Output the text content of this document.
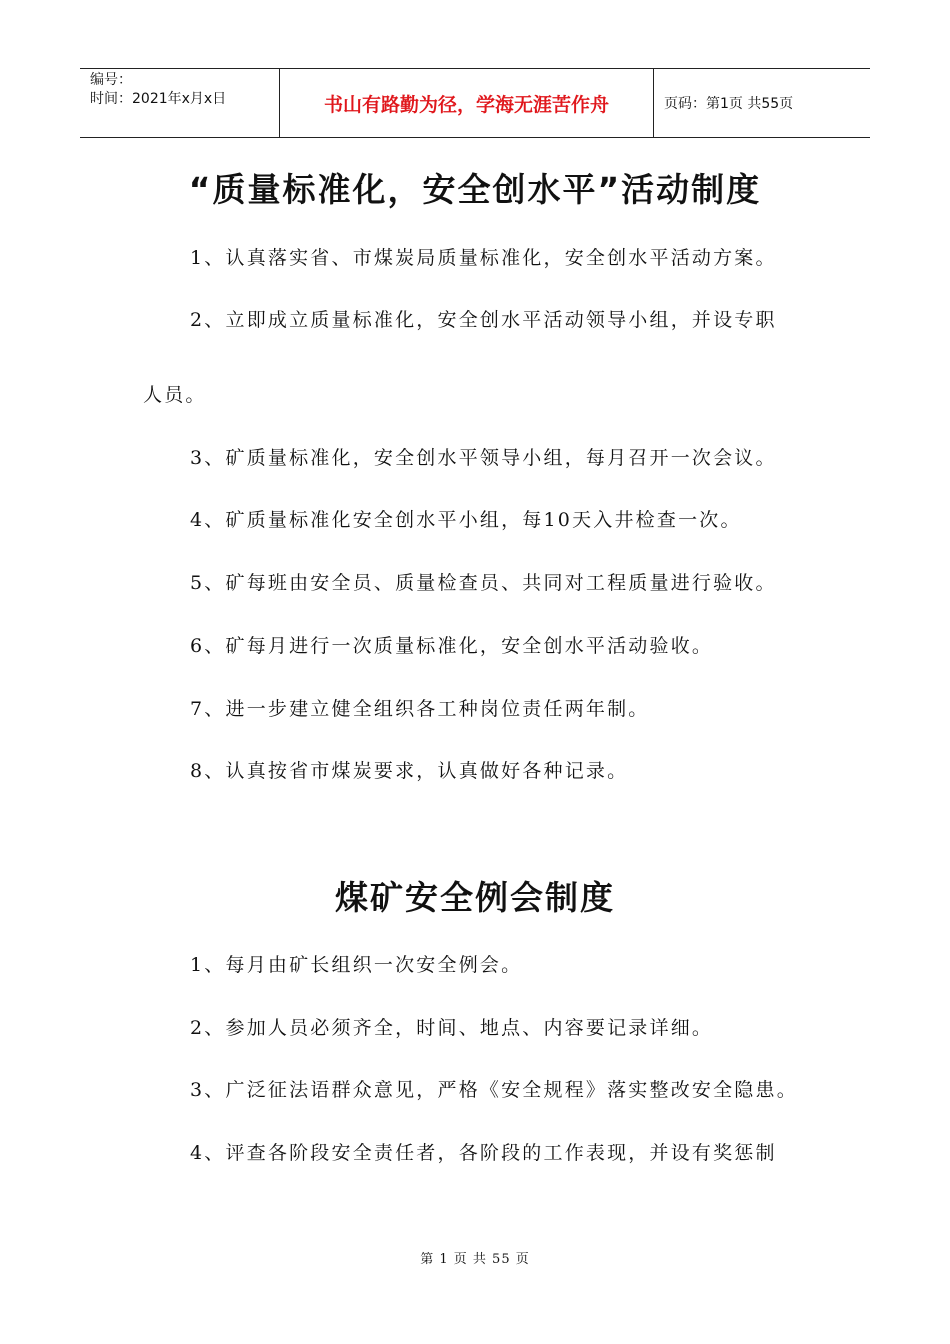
编号：
时间：2021年x月x日	书山有路勤为径，学海无涯苦作舟	页码：第1页 共55页
“质量标准化，安全创水平”活动制度
1、认真落实省、市煤炭局质量标准化，安全创水平活动方案。
2、立即成立质量标准化，安全创水平活动领导小组，并设专职
人员。
3、矿质量标准化，安全创水平领导小组，每月召开一次会议。
4、矿质量标准化安全创水平小组，每10天入井检查一次。
5、矿每班由安全员、质量检查员、共同对工程质量进行验收。
6、矿每月进行一次质量标准化，安全创水平活动验收。
7、进一步建立健全组织各工种岗位责任两年制。
8、认真按省市煤炭要求，认真做好各种记录。
煤矿安全例会制度
1、每月由矿长组织一次安全例会。
2、参加人员必须齐全，时间、地点、内容要记录详细。
3、广泛征法语群众意见，严格《安全规程》落实整改安全隐患。
4、评查各阶段安全责任者，各阶段的工作表现，并设有奖惩制
第 1 页 共 55 页
